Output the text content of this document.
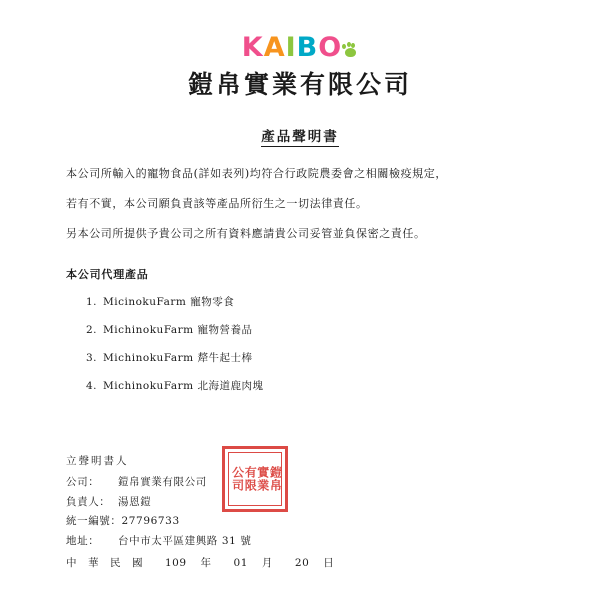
KAIBO
鎧帛實業有限公司
產品聲明書

本公司所輸入的寵物食品(詳如表列)均符合行政院農委會之相關檢疫規定，

若有不實，本公司願負責該等產品所衍生之一切法律責任。

另本公司所提供予貴公司之所有資料應請貴公司妥管並負保密之責任。

本公司代理產品
1. MicinokuFarm 寵物零食
2. MichinokuFarm 寵物營養品
3. MichinokuFarm 犛牛起士棒
4. MichinokuFarm 北海道鹿肉塊
立聲明書人
公司： 鎧帛實業有限公司
負責人： 湯恩鎧
統一編號：27796733
地址： 台中市太平區建興路 31 號
中　華　民　國 109 年 01 月 20 日
鎧帛
實業
有限
公司
